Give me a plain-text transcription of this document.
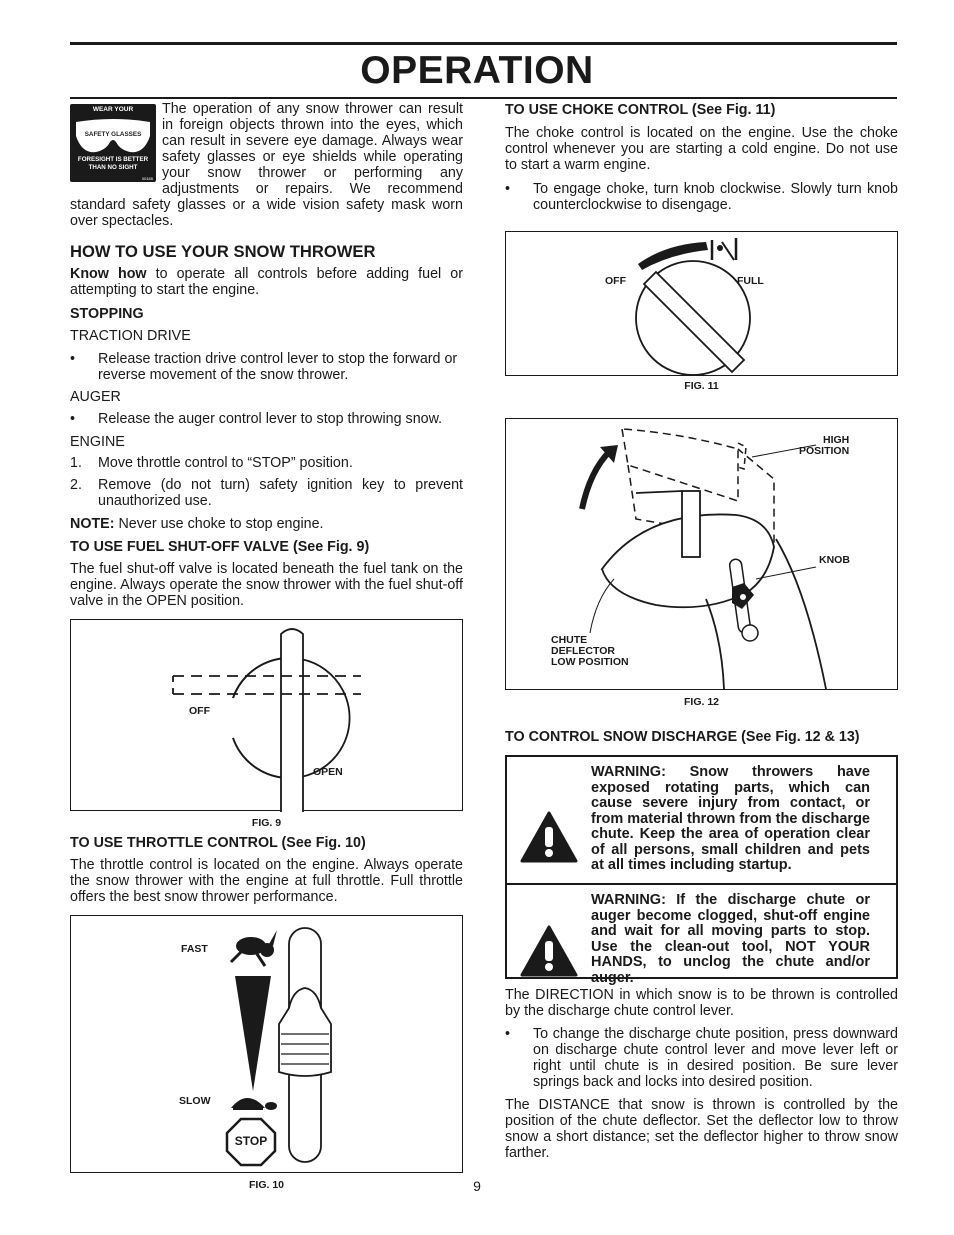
OPERATION
WEAR YOUR
SAFETY GLASSES
FORESIGHT IS BETTER
THAN NO SIGHT
00185

The operation of any snow thrower can result in foreign objects thrown into the eyes, which can result in severe eye damage. Always wear safety glasses or eye shields while operating your snow thrower or performing any adjustments or repairs. We recommend standard safety glasses or a wide vision safety mask worn over spectacles.

HOW TO USE YOUR SNOW THROWER

Know how to operate all controls before adding fuel or attempting to start the engine.

STOPPING

TRACTION DRIVE

• Release traction drive control lever to stop the forward or reverse movement of the snow thrower.

AUGER

• Release the auger control lever to stop throwing snow.

ENGINE

1. Move throttle control to “STOP” position.
2. Remove (do not turn) safety ignition key to prevent unauthorized use.

NOTE: Never use choke to stop engine.

TO USE FUEL SHUT-OFF VALVE (See Fig. 9)

The fuel shut-off valve is located beneath the fuel tank on the engine. Always operate the snow thrower with the fuel shut-off valve in the OPEN position.

OFF
OPEN

FIG. 9

TO USE THROTTLE CONTROL (See Fig. 10)

The throttle control is located on the engine. Always operate the snow thrower with the engine at full throttle. Full throttle offers the best snow thrower performance.

FAST
SLOW
STOP

FIG. 10

TO USE CHOKE CONTROL (See Fig. 11)

The choke control is located on the engine. Use the choke control whenever you are starting a cold engine. Do not use to start a warm engine.

• To engage choke, turn knob clockwise. Slowly turn knob counterclockwise to disengage.
OFF	FULL

FIG. 11

HIGH
POSITION
KNOB
CHUTE
DEFLECTOR
LOW POSITION

FIG. 12

TO CONTROL SNOW DISCHARGE (See Fig. 12 & 13)

WARNING: Snow throwers have exposed rotating parts, which can cause severe injury from contact, or from material thrown from the discharge chute. Keep the area of operation clear of all persons, small children and pets at all times including startup.
WARNING: If the discharge chute or auger become clogged, shut-off engine and wait for all moving parts to stop. Use the clean-out tool, NOT YOUR HANDS, to unclog the chute and/or auger.

The DIRECTION in which snow is to be thrown is controlled by the discharge chute control lever.

• To change the discharge chute position, press downward on discharge chute control lever and move lever left or right until chute is in desired position. Be sure lever springs back and locks into desired position.

The DISTANCE that snow is thrown is controlled by the position of the chute deflector. Set the deflector low to throw snow a short distance; set the deflector higher to throw snow farther.

9
